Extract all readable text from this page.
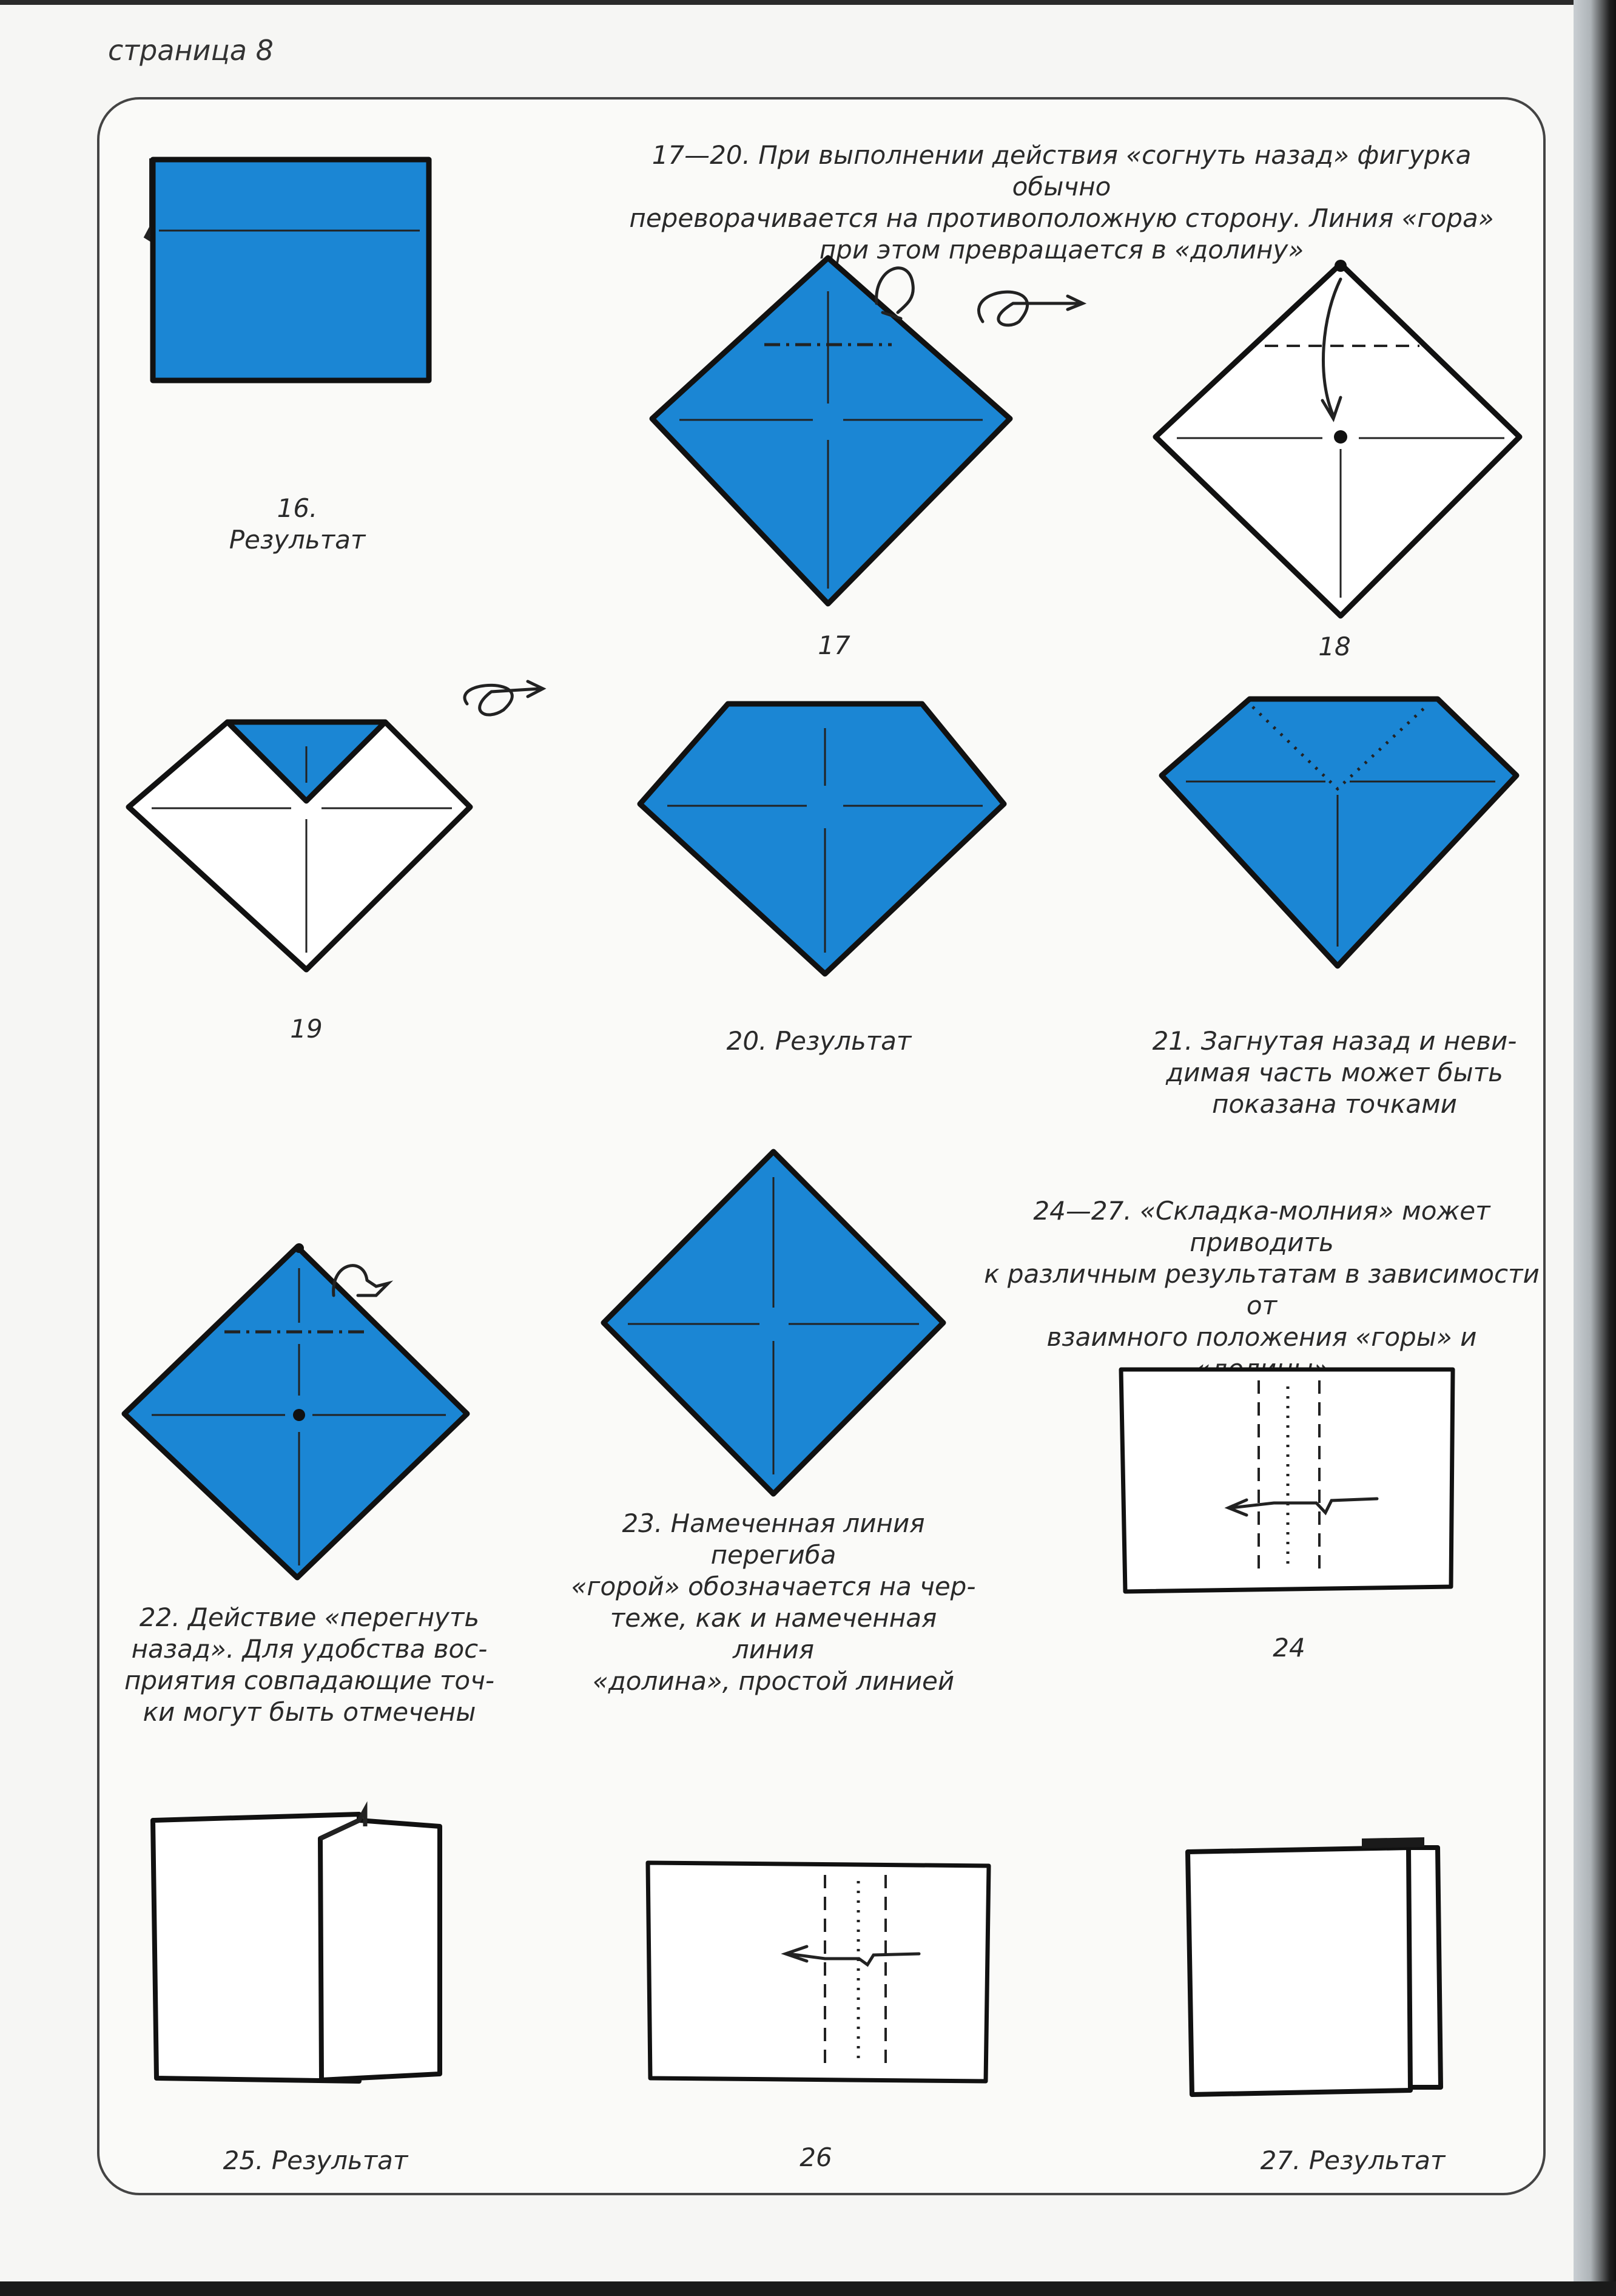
страница 8
16. Результат
17—20. При выполнении действия «согнуть назад» фигурка обычно
переворачивается на противоположную сторону. Линия «гора»
при этом превращается в «долину»
17	18
19	20. Результат	21. Загнутая назад и неви-
димая часть может быть
показана точками
22. Действие «перегнуть
назад». Для удобства вос-
приятия совпадающие точ-
ки могут быть отмечены
23. Намеченная линия перегиба
«горой» обозначается на чер-
теже, как и намеченная линия
«долина», простой линией
24—27. «Складка-молния» может приводить
к различным результатам в зависимости от
взаимного положения «горы» и
24
25. Результат	26	27. Результат
